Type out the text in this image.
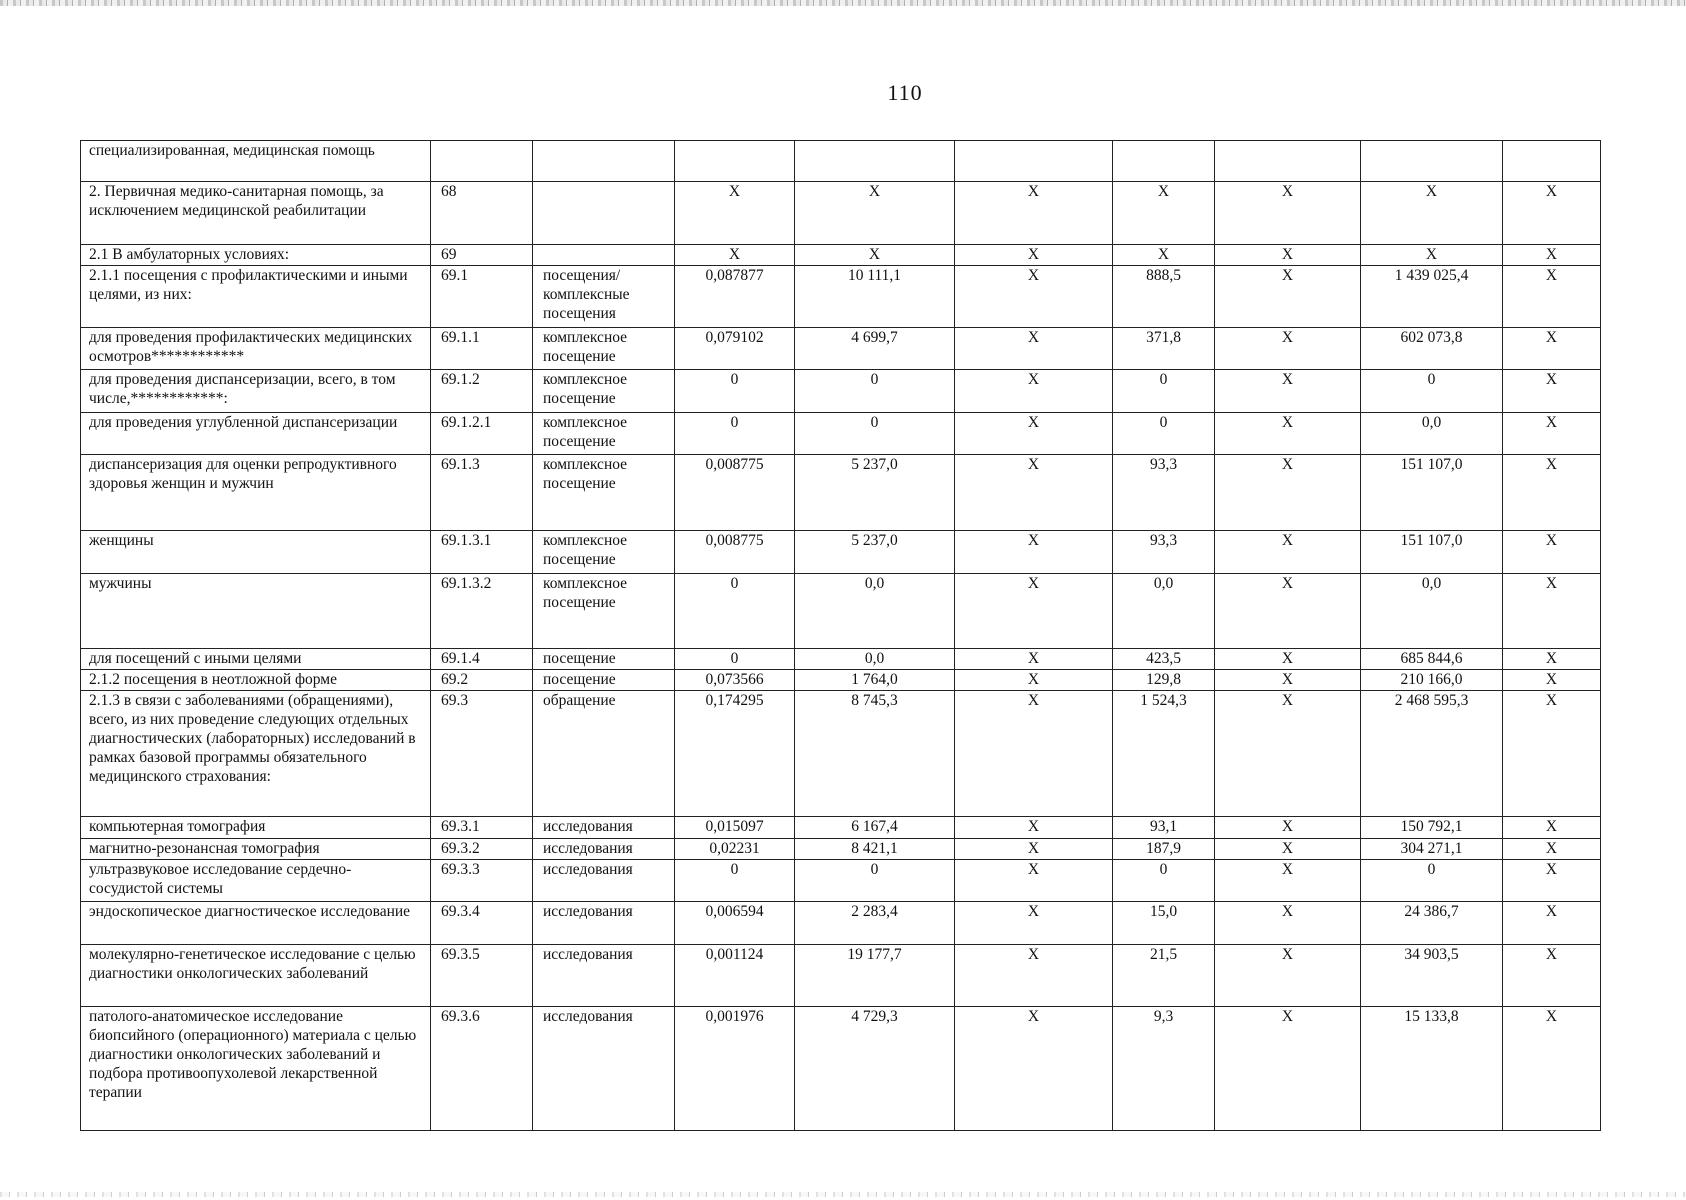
110
специализированная, медицинская помощь									
2. Первичная медико-санитарная помощь, за исключением медицинской реабилитации	68		X	X	X	X	X	X	X
2.1 В амбулаторных условиях:	69		X	X	X	X	X	X	X
2.1.1 посещения с профилактическими и иными целями, из них:	69.1	посещения/комплексные посещения	0,087877	10 111,1	X	888,5	X	1 439 025,4	X
для проведения профилактических медицинских осмотров************	69.1.1	комплексное посещение	0,079102	4 699,7	X	371,8	X	602 073,8	X
для проведения диспансеризации, всего, в том числе,************:	69.1.2	комплексное посещение	0	0	X	0	X	0	X
для проведения углубленной диспансеризации	69.1.2.1	комплексное посещение	0	0	X	0	X	0,0	X
диспансеризация для оценки репродуктивного здоровья женщин и мужчин	69.1.3	комплексное посещение	0,008775	5 237,0	X	93,3	X	151 107,0	X
женщины	69.1.3.1	комплексное посещение	0,008775	5 237,0	X	93,3	X	151 107,0	X
мужчины	69.1.3.2	комплексное посещение	0	0,0	X	0,0	X	0,0	X
для посещений с иными целями	69.1.4	посещение	0	0,0	X	423,5	X	685 844,6	X
2.1.2 посещения в неотложной форме	69.2	посещение	0,073566	1 764,0	X	129,8	X	210 166,0	X
2.1.3 в связи с заболеваниями (обращениями), всего, из них проведение следующих отдельных диагностических (лабораторных) исследований в рамках базовой программы обязательного медицинского страхования:	69.3	обращение	0,174295	8 745,3	X	1 524,3	X	2 468 595,3	X
компьютерная томография	69.3.1	исследования	0,015097	6 167,4	X	93,1	X	150 792,1	X
магнитно-резонансная томография	69.3.2	исследования	0,02231	8 421,1	X	187,9	X	304 271,1	X
ультразвуковое исследование сердечно-сосудистой системы	69.3.3	исследования	0	0	X	0	X	0	X
эндоскопическое диагностическое исследование	69.3.4	исследования	0,006594	2 283,4	X	15,0	X	24 386,7	X
молекулярно-генетическое исследование с целью диагностики онкологических заболеваний	69.3.5	исследования	0,001124	19 177,7	X	21,5	X	34 903,5	X
патолого-анатомическое исследование биопсийного (операционного) материала с целью диагностики онкологических заболеваний и подбора противоопухолевой лекарственной терапии	69.3.6	исследования	0,001976	4 729,3	X	9,3	X	15 133,8	X
